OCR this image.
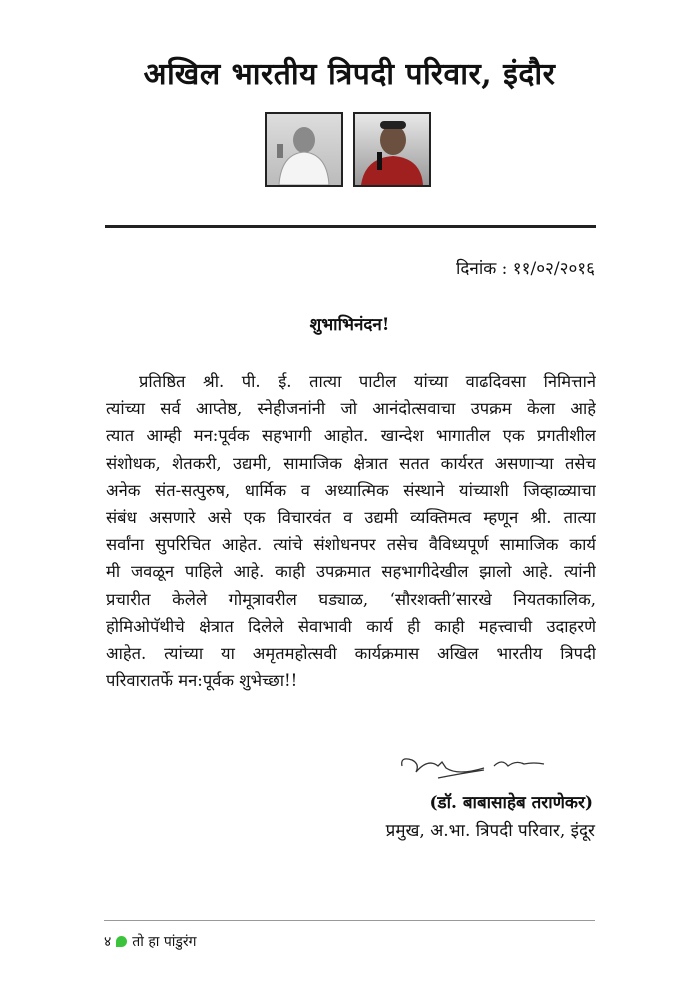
अखिल भारतीय त्रिपदी परिवार, इंदौर
दिनांक : ११/०२/२०१६
शुभाभिनंदन!
प्रतिष्ठित श्री. पी. ई. तात्या पाटील यांच्या वाढदिवसा निमित्ताने
त्यांच्या सर्व आप्तेष्ठ, स्नेहीजनांनी जो आनंदोत्सवाचा उपक्रम केला आहे
त्यात आम्ही मन:पूर्वक सहभागी आहोत. खान्देश भागातील एक प्रगतीशील
संशोधक, शेतकरी, उद्यमी, सामाजिक क्षेत्रात सतत कार्यरत असणाऱ्या तसेच
अनेक संत-सत्पुरुष, धार्मिक व अध्यात्मिक संस्थाने यांच्याशी जिव्हाळ्याचा
संबंध असणारे असे एक विचारवंत व उद्यमी व्यक्तिमत्व म्हणून श्री. तात्या
सर्वांना सुपरिचित आहेत. त्यांचे संशोधनपर तसेच वैविध्यपूर्ण सामाजिक कार्य
मी जवळून पाहिले आहे. काही उपक्रमात सहभागीदेखील झालो आहे. त्यांनी
प्रचारीत केलेले गोमूत्रावरील घड्याळ, ‘सौरशक्ती’सारखे नियतकालिक,
होमिओपॅथीचे क्षेत्रात दिलेले सेवाभावी कार्य ही काही महत्त्वाची उदाहरणे
आहेत. त्यांच्या या अमृतमहोत्सवी कार्यक्रमास अखिल भारतीय त्रिपदी
परिवारातर्फे मन:पूर्वक शुभेच्छा!!
(डॉ. बाबासाहेब तराणेकर)
प्रमुख, अ.भा. त्रिपदी परिवार, इंदूर
४ तो हा पांडुरंग
